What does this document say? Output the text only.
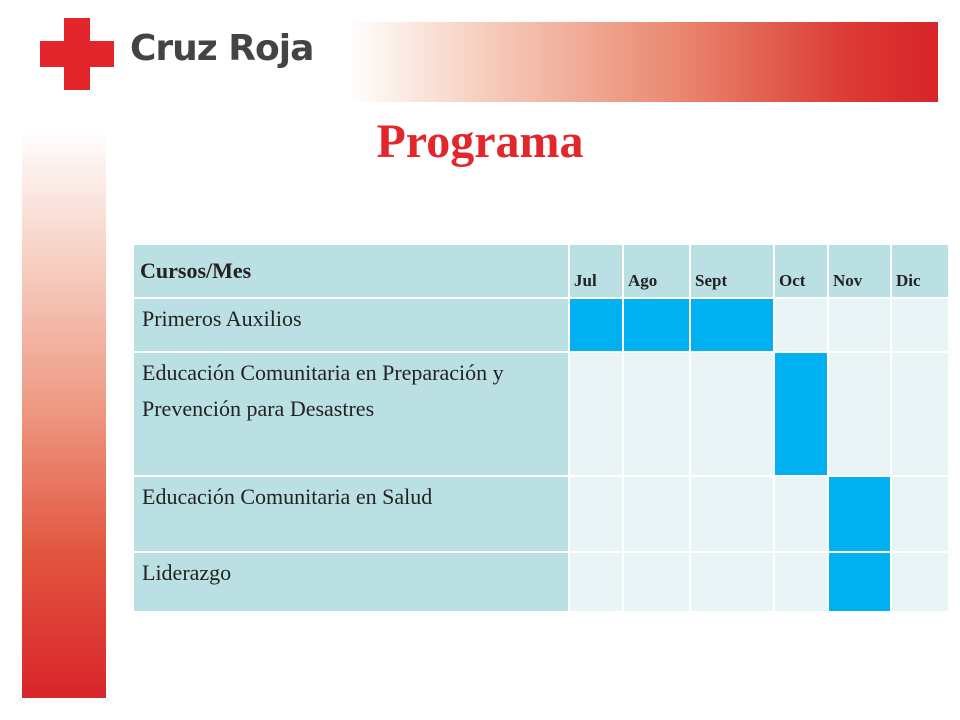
Cruz Roja
Programa
Cursos/Mes	Jul	Ago	Sept	Oct	Nov	Dic
Primeros Auxilios						
Educación Comunitaria en Preparación y Prevención para Desastres						
Educación Comunitaria en Salud						
Liderazgo						
